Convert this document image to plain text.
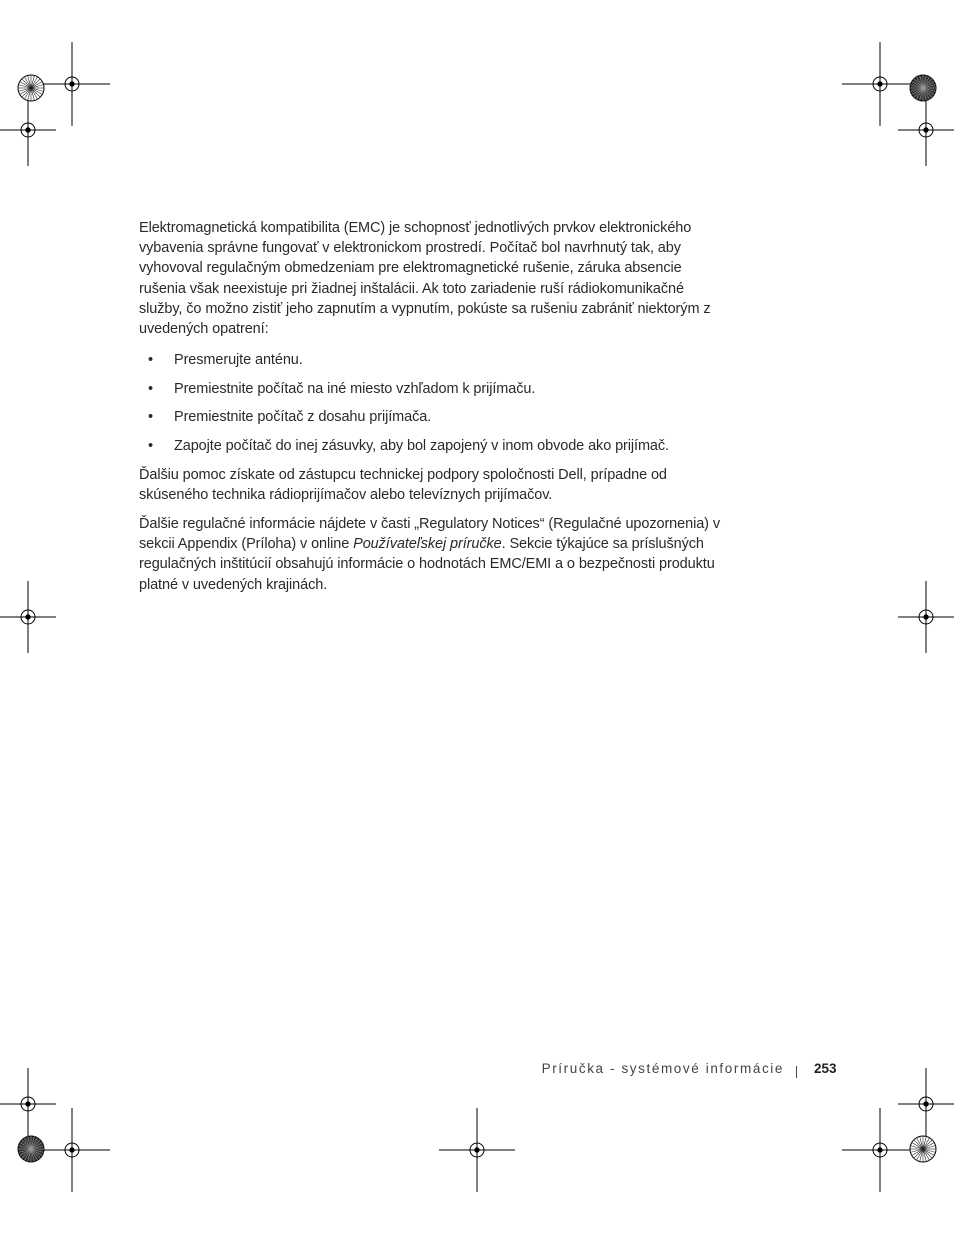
Elektromagnetická kompatibilita (EMC) je schopnosť jednotlivých prvkov elektronického vybavenia správne fungovať v elektronickom prostredí. Počítač bol navrhnutý tak, aby vyhovoval regulačným obmedzeniam pre elektromagnetické rušenie, záruka absencie rušenia však neexistuje pri žiadnej inštalácii. Ak toto zariadenie ruší rádiokomunikačné služby, čo možno zistiť jeho zapnutím a vypnutím, pokúste sa rušeniu zabrániť niektorým z uvedených opatrení:

• Presmerujte anténu.
• Premiestnite počítač na iné miesto vzhľadom k prijímaču.
• Premiestnite počítač z dosahu prijímača.
• Zapojte počítač do inej zásuvky, aby bol zapojený v inom obvode ako prijímač.

Ďalšiu pomoc získate od zástupcu technickej podpory spoločnosti Dell, prípadne od skúseného technika rádioprijímačov alebo televíznych prijímačov.

Ďalšie regulačné informácie nájdete v časti „Regulatory Notices“ (Regulačné upozornenia) v sekcii Appendix (Príloha) v online Používateľskej príručke. Sekcie týkajúce sa príslušných regulačných inštitúcií obsahujú informácie o hodnotách EMC/EMI a o bezpečnosti produktu platné v uvedených krajinách.

Príručka - systémové informácie 253
